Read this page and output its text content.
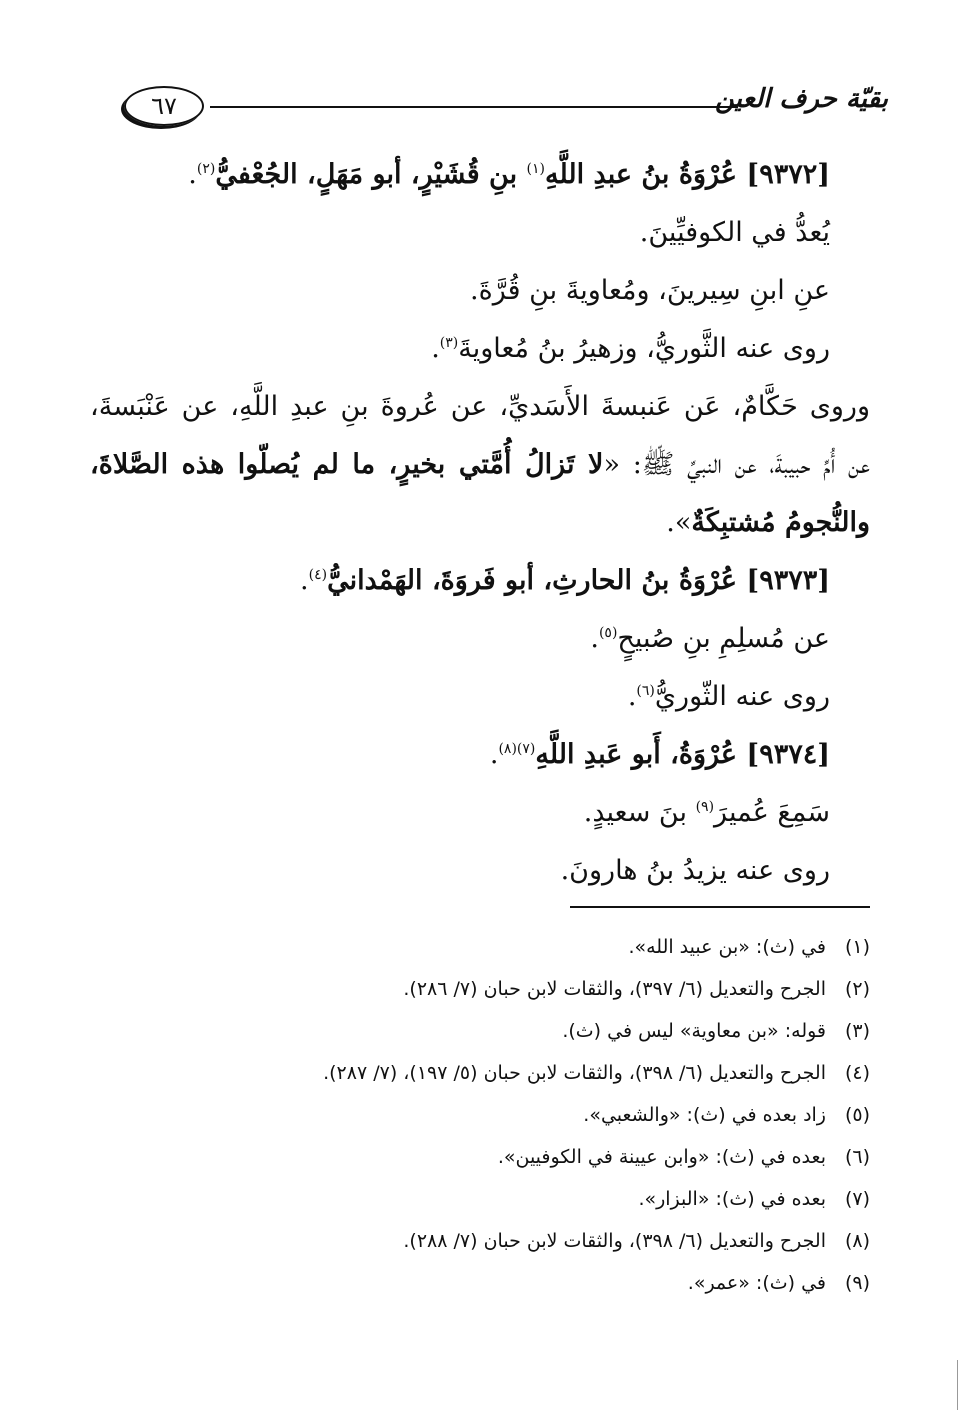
بقيّة حرف العين
٦٧
[٩٣٧٢] عُرْوَةُ بنُ عبدِ اللَّهِ$^{(١)}$ بنِ قُشَيْرٍ، أبو مَهَلٍ، الجُعْفيُّ$^{(٢)}$.
يُعدُّ في الكوفيِّينَ.
عنِ ابنِ سِيرينَ، ومُعاويةَ بنِ قُرَّةَ.
روى عنه الثَّوريُّ، وزهيرُ بنُ مُعاويةَ$^{(٣)}$.
وروى حَكَّامٌ، عَن عَنبسةَ الأَسَديِّ، عن عُروةَ بنِ عبدِ اللَّهِ، عن عَنْبَسةَ،
عن أُمِّ حبيبةَ، عن النبيِّ ﷺ: «لا تَزالُ أُمَّتي بخيرٍ، ما لم يُصلّوا هذه الصَّلاةَ،
والنُّجومُ مُشتبِكَةٌ».
[٩٣٧٣] عُرْوَةُ بنُ الحارثِ، أبو فَروَةَ، الهَمْدانيُّ$^{(٤)}$.
عن مُسلِمِ بنِ صُبيحٍ$^{(٥)}$.
روى عنه الثّوريُّ$^{(٦)}$.
[٩٣٧٤] عُرْوَةُ، أَبو عَبدِ اللَّهِ$^{(٧)(٨)}$.
سَمِعَ عُميرَ$^{(٩)}$ بنَ سعيدٍ.
روى عنه يزيدُ بنُ هارونَ.
(١)في (ث): «بن عبيد الله».
(٢)الجرح والتعديل (٦/ ٣٩٧)، والثقات لابن حبان (٧/ ٢٨٦).
(٣)قوله: «بن معاوية» ليس في (ث).
(٤)الجرح والتعديل (٦/ ٣٩٨)، والثقات لابن حبان (٥/ ١٩٧)، (٧/ ٢٨٧).
(٥)زاد بعده في (ث): «والشعبي».
(٦)بعده في (ث): «وابن عيينة في الكوفيين».
(٧)بعده في (ث): «البزار».
(٨)الجرح والتعديل (٦/ ٣٩٨)، والثقات لابن حبان (٧/ ٢٨٨).
(٩)في (ث): «عمر».
